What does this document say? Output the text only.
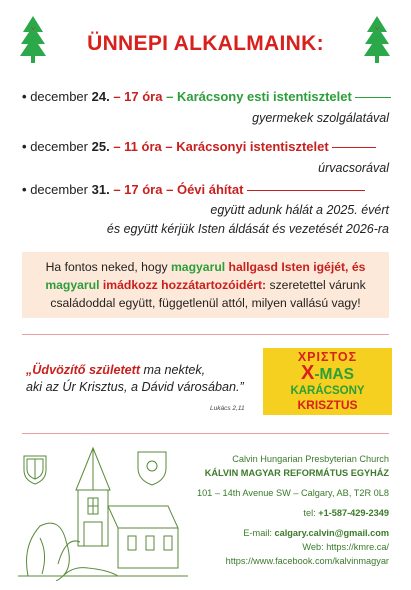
ÜNNEPI ALKALMAINK:
• december 24. – 17 óra – Karácsony esti istentisztelet
gyermekek szolgálatával
• december 25. – 11 óra – Karácsonyi istentisztelet
úrvacsorával
• december 31. – 17 óra – Óévi áhítat
együtt adunk hálát a 2025. évért
és együtt kérjük Isten áldását és vezetését 2026-ra
Ha fontos neked, hogy magyarul hallgasd Isten igéjét, és
magyarul imádkozz hozzátartozóidért: szeretettel várunk
családoddal együtt, függetlenül attól, milyen vallású vagy!
„Üdvözítő született ma nektek,
aki az Úr Krisztus, a Dávid városában.”
Lukács 2,11
ΧΡΙΣΤΟΣ
X-MAS
KARÁCSONY
KRISZTUS
Calvin Hungarian Presbyterian Church
KÁLVIN MAGYAR REFORMÁTUS EGYHÁZ
101 – 14th Avenue SW – Calgary, AB, T2R 0L8
tel: +1-587-429-2349
E-mail: calgary.calvin@gmail.com
Web: https://kmre.ca/
https://www.facebook.com/kalvinmagyar
